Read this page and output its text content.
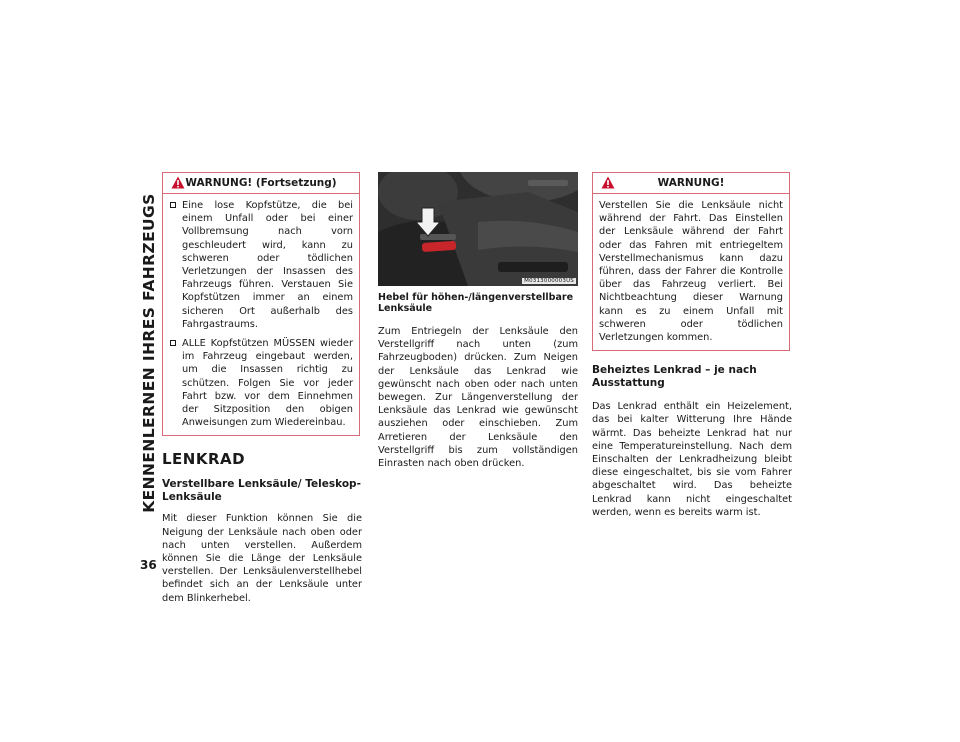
KENNENLERNEN IHRES FAHRZEUGS
36
WARNUNG! (Fortsetzung)
Eine lose Kopfstütze, die bei einem Unfall oder bei einer Vollbremsung nach vorn geschleudert wird, kann zu schweren oder tödlichen Verletzungen der Insassen des Fahrzeugs führen. Verstauen Sie Kopfstützen immer an einem sicheren Ort außerhalb des Fahrgastraums.
ALLE Kopfstützen MÜSSEN wieder im Fahrzeug eingebaut werden, um die Insassen richtig zu schützen. Folgen Sie vor jeder Fahrt bzw. vor dem Einnehmen der Sitzposition den obigen Anweisungen zum Wiedereinbau.
LENKRAD
Verstellbare Lenksäule/ Teleskop-Lenksäule
Mit dieser Funktion können Sie die Neigung der Lenksäule nach oben oder nach unten verstellen. Außerdem können Sie die Länge der Lenksäule verstellen. Der Lenksäulenverstellhebel befindet sich an der Lenksäule unter dem Blinkerhebel.
M0313000003US
Hebel für höhen-/längenverstellbare Lenksäule
Zum Entriegeln der Lenksäule den Verstellgriff nach unten (zum Fahrzeugboden) drücken. Zum Neigen der Lenksäule das Lenkrad wie gewünscht nach oben oder nach unten bewegen. Zur Längenverstellung der Lenksäule das Lenkrad wie gewünscht ausziehen oder einschieben. Zum Arretieren der Lenksäule den Verstellgriff bis zum vollständigen Einrasten nach oben drücken.
WARNUNG!
Verstellen Sie die Lenksäule nicht während der Fahrt. Das Einstellen der Lenksäule während der Fahrt oder das Fahren mit entriegeltem Verstellmechanismus kann dazu führen, dass der Fahrer die Kontrolle über das Fahrzeug verliert. Bei Nichtbeachtung dieser Warnung kann es zu einem Unfall mit schweren oder tödlichen Verletzungen kommen.
Beheiztes Lenkrad – je nach Ausstattung
Das Lenkrad enthält ein Heizelement, das bei kalter Witterung Ihre Hände wärmt. Das beheizte Lenkrad hat nur eine Temperatureinstellung. Nach dem Einschalten der Lenkradheizung bleibt diese eingeschaltet, bis sie vom Fahrer abgeschaltet wird. Das beheizte Lenkrad kann nicht eingeschaltet werden, wenn es bereits warm ist.
